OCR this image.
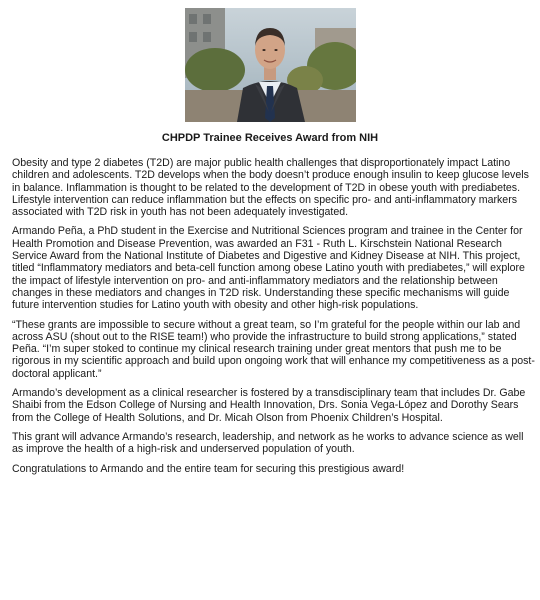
CHPDP Trainee Receives Award from NIH

Obesity and type 2 diabetes (T2D) are major public health challenges that disproportionately impact Latino children and adolescents. T2D develops when the body doesn’t produce enough insulin to keep glucose levels in balance. Inflammation is thought to be related to the development of T2D in obese youth with prediabetes. Lifestyle intervention can reduce inflammation but the effects on specific pro- and anti-inflammatory markers associated with T2D risk in youth has not been adequately investigated.

Armando Peña, a PhD student in the Exercise and Nutritional Sciences program and trainee in the Center for Health Promotion and Disease Prevention, was awarded an F31 - Ruth L. Kirschstein National Research Service Award from the National Institute of Diabetes and Digestive and Kidney Disease at NIH. This project, titled “Inflammatory mediators and beta-cell function among obese Latino youth with prediabetes,” will explore the impact of lifestyle intervention on pro- and anti-inflammatory mediators and the relationship between changes in these mediators and changes in T2D risk. Understanding these specific mechanisms will guide future intervention studies for Latino youth with obesity and other high-risk populations.

“These grants are impossible to secure without a great team, so I’m grateful for the people within our lab and across ASU (shout out to the RISE team!) who provide the infrastructure to build strong applications,” stated Peña. “I’m super stoked to continue my clinical research training under great mentors that push me to be rigorous in my scientific approach and build upon ongoing work that will enhance my competitiveness as a post-doctoral applicant.”

Armando’s development as a clinical researcher is fostered by a transdisciplinary team that includes Dr. Gabe Shaibi from the Edson College of Nursing and Health Innovation, Drs. Sonia Vega-López and Dorothy Sears from the College of Health Solutions, and Dr. Micah Olson from Phoenix Children’s Hospital.

This grant will advance Armando’s research, leadership, and network as he works to advance science as well as improve the health of a high-risk and underserved population of youth.

Congratulations to Armando and the entire team for securing this prestigious award!
